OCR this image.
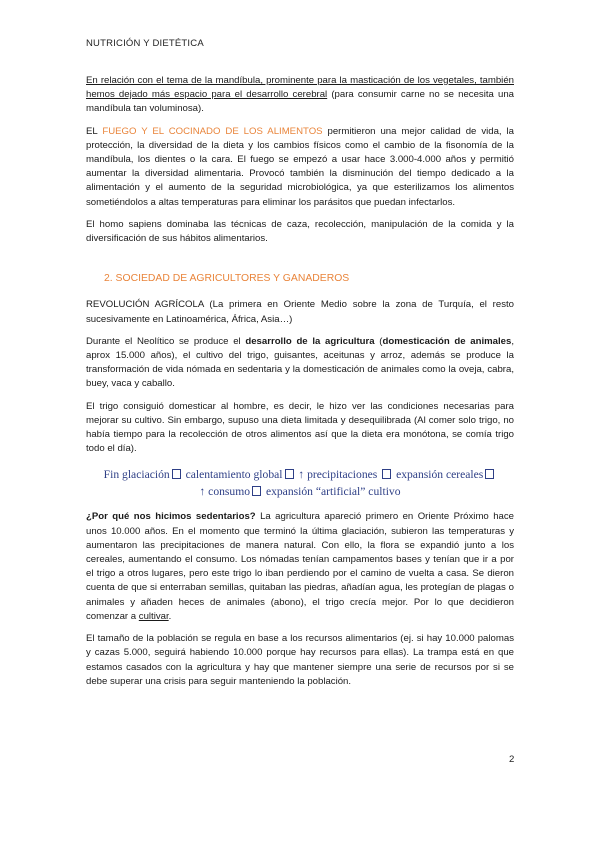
NUTRICIÓN Y DIETÉTICA

En relación con el tema de la mandíbula, prominente para la masticación de los vegetales, también hemos dejado más espacio para el desarrollo cerebral (para consumir carne no se necesita una mandíbula tan voluminosa).

EL FUEGO Y EL COCINADO DE LOS ALIMENTOS permitieron una mejor calidad de vida, la protección, la diversidad de la dieta y los cambios físicos como el cambio de la fisonomía de la mandíbula, los dientes o la cara. El fuego se empezó a usar hace 3.000-4.000 años y permitió aumentar la diversidad alimentaria. Provocó también la disminución del tiempo dedicado a la alimentación y el aumento de la seguridad microbiológica, ya que esterilizamos los alimentos sometiéndolos a altas temperaturas para eliminar los parásitos que puedan infectarlos.

El homo sapiens dominaba las técnicas de caza, recolección, manipulación de la comida y la diversificación de sus hábitos alimentarios.

2. SOCIEDAD DE AGRICULTORES Y GANADEROS

REVOLUCIÓN AGRÍCOLA (La primera en Oriente Medio sobre la zona de Turquía, el resto sucesivamente en Latinoamérica, África, Asia…)

Durante el Neolítico se produce el desarrollo de la agricultura (domesticación de animales, aprox 15.000 años), el cultivo del trigo, guisantes, aceitunas y arroz, además se produce la transformación de vida nómada en sedentaria y la domesticación de animales como la oveja, cabra, buey, vaca y caballo.

El trigo consiguió domesticar al hombre, es decir, le hizo ver las condiciones necesarias para mejorar su cultivo. Sin embargo, supuso una dieta limitada y desequilibrada (Al comer solo trigo, no había tiempo para la recolección de otros alimentos así que la dieta era monótona, se comía trigo todo el día).

Fin glaciación calentamiento global ↑ precipitaciones  expansión cereales
↑ consumo expansión “artificial” cultivo

¿Por qué nos hicimos sedentarios? La agricultura apareció primero en Oriente Próximo hace unos 10.000 años. En el momento que terminó la última glaciación, subieron las temperaturas y aumentaron las precipitaciones de manera natural. Con ello, la flora se expandió junto a los cereales, aumentando el consumo. Los nómadas tenían campamentos bases y tenían que ir a por el trigo a otros lugares, pero este trigo lo iban perdiendo por el camino de vuelta a casa. Se dieron cuenta de que si enterraban semillas, quitaban las piedras, añadían agua, les protegían de plagas o animales y añaden heces de animales (abono), el trigo crecía mejor. Por lo que decidieron comenzar a cultivar.

El tamaño de la población se regula en base a los recursos alimentarios (ej. si hay 10.000 palomas y cazas 5.000, seguirá habiendo 10.000 porque hay recursos para ellas). La trampa está en que estamos casados con la agricultura y hay que mantener siempre una serie de recursos por si se debe superar una crisis para seguir manteniendo la población.

2
